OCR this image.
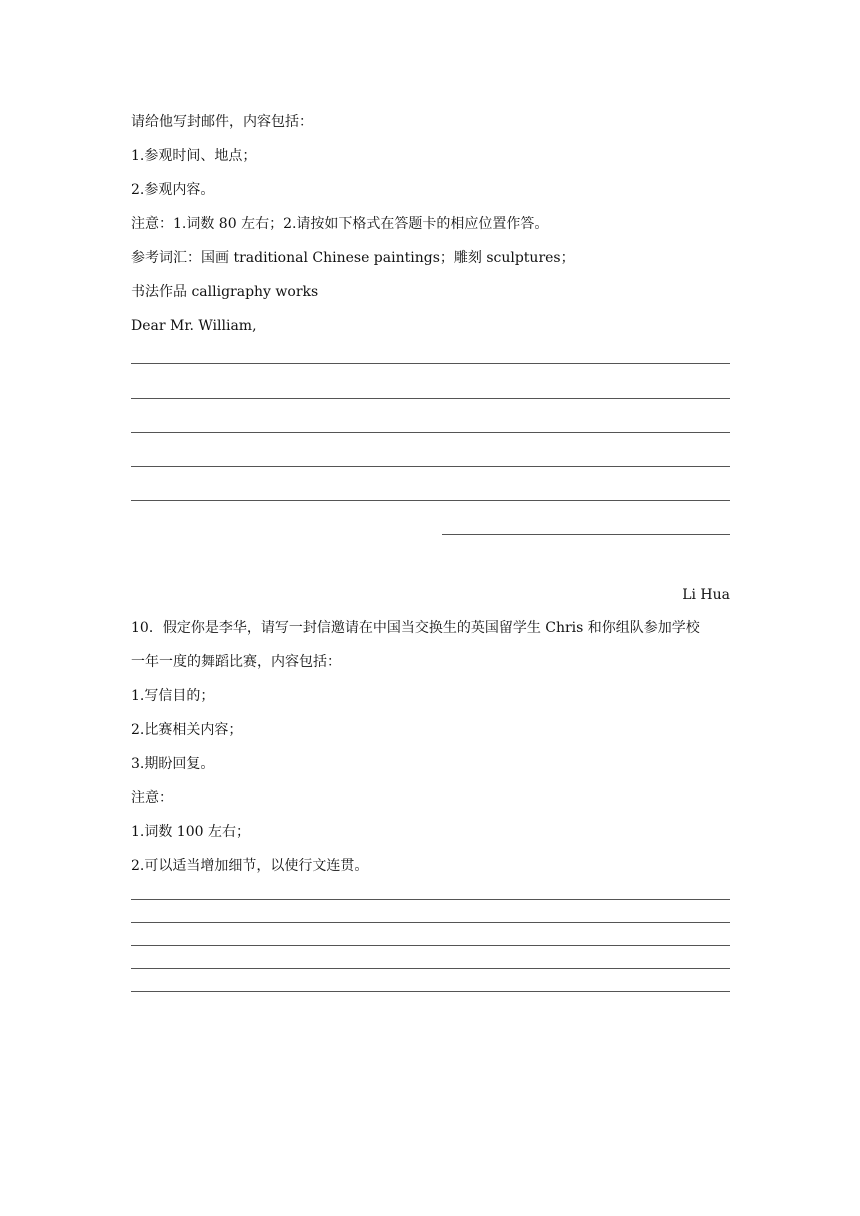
请给他写封邮件，内容包括：
1.参观时间、地点；
2.参观内容。
注意：1.词数 80 左右；2.请按如下格式在答题卡的相应位置作答。
参考词汇：国画 traditional Chinese paintings；雕刻 sculptures；
书法作品 calligraphy works
Dear Mr. William,
Li Hua
10．假定你是李华，请写一封信邀请在中国当交换生的英国留学生 Chris 和你组队参加学校
一年一度的舞蹈比赛，内容包括：
1.写信目的；
2.比赛相关内容；
3.期盼回复。
注意：
1.词数 100 左右；
2.可以适当增加细节，以使行文连贯。
